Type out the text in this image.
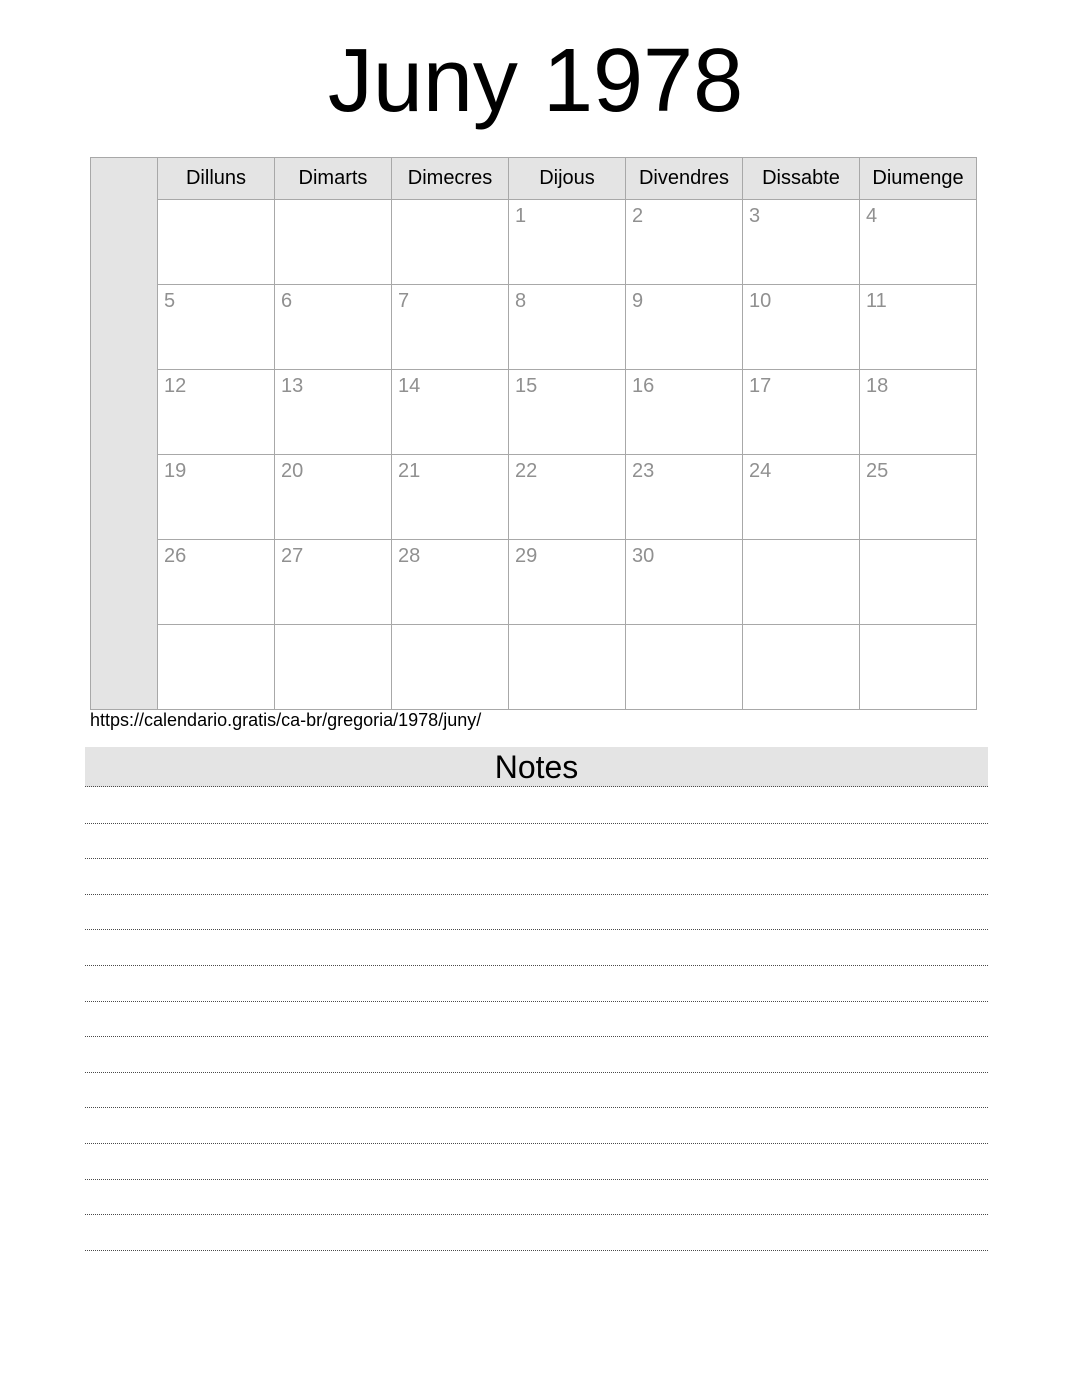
Juny 1978
	Dilluns	Dimarts	Dimecres	Dijous	Divendres	Dissabte	Diumenge
				1	2	3	4
	5	6	7	8	9	10	11
	12	13	14	15	16	17	18
	19	20	21	22	23	24	25
	26	27	28	29	30		

https://calendario.gratis/ca-br/gregoria/1978/juny/
Notes
